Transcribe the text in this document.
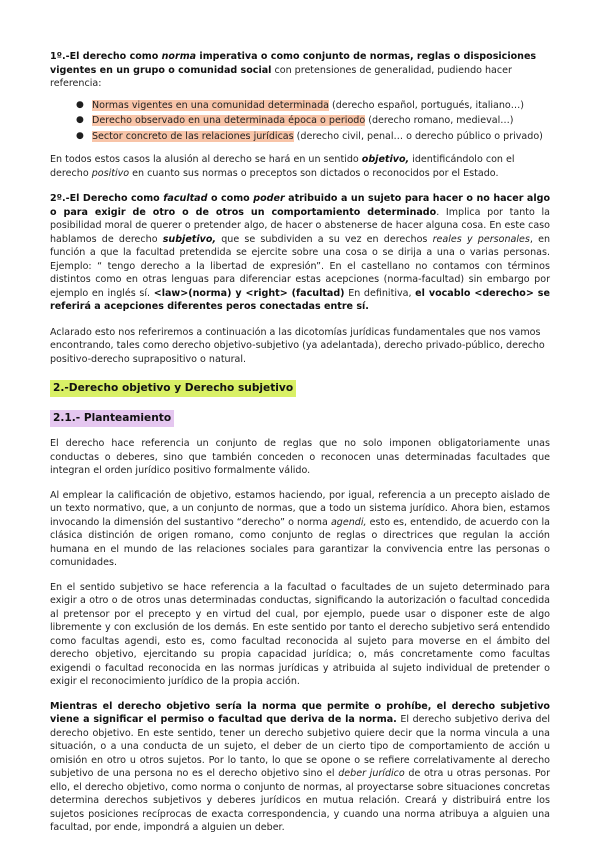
1º.-El derecho como norma imperativa o como conjunto de normas, reglas o disposiciones vigentes en un grupo o comunidad social con pretensiones de generalidad, pudiendo hacer referencia:

● Normas vigentes en una comunidad determinada (derecho español, portugués, italiano…)
● Derecho observado en una determinada época o periodo (derecho romano, medieval…)
● Sector concreto de las relaciones jurídicas (derecho civil, penal… o derecho público o privado)

En todos estos casos la alusión al derecho se hará en un sentido objetivo, identificándolo con el derecho positivo en cuanto sus normas o preceptos son dictados o reconocidos por el Estado.

2º.-El Derecho como facultad o como poder atribuido a un sujeto para hacer o no hacer algo o para exigir de otro o de otros un comportamiento determinado. Implica por tanto la posibilidad moral de querer o pretender algo, de hacer o abstenerse de hacer alguna cosa. En este caso hablamos de derecho subjetivo, que se subdividen a su vez en derechos reales y personales, en función a que la facultad pretendida se ejercite sobre una cosa o se dirija a una o varias personas. Ejemplo: “ tengo derecho a la libertad de expresión”. En el castellano no contamos con términos distintos como en otras lenguas para diferenciar estas acepciones (norma-facultad) sin embargo por ejemplo en inglés sí. <law>(norma) y <right> (facultad) En definitiva, el vocablo <derecho> se referirá a acepciones diferentes peros conectadas entre sí.

Aclarado esto nos referiremos a continuación a las dicotomías jurídicas fundamentales que nos vamos encontrando, tales como derecho objetivo-subjetivo (ya adelantada), derecho privado-público, derecho positivo-derecho suprapositivo o natural.

2.-Derecho objetivo y Derecho subjetivo
2.1.- Planteamiento

El derecho hace referencia un conjunto de reglas que no solo imponen obligatoriamente unas conductas o deberes, sino que también conceden o reconocen unas determinadas facultades que integran el orden jurídico positivo formalmente válido.

Al emplear la calificación de objetivo, estamos haciendo, por igual, referencia a un precepto aislado de un texto normativo, que, a un conjunto de normas, que a todo un sistema jurídico. Ahora bien, estamos invocando la dimensión del sustantivo “derecho” o norma agendi, esto es, entendido, de acuerdo con la clásica distinción de origen romano, como conjunto de reglas o directrices que regulan la acción humana en el mundo de las relaciones sociales para garantizar la convivencia entre las personas o comunidades.

En el sentido subjetivo se hace referencia a la facultad o facultades de un sujeto determinado para exigir a otro o de otros unas determinadas conductas, significando la autorización o facultad concedida al pretensor por el precepto y en virtud del cual, por ejemplo, puede usar o disponer este de algo libremente y con exclusión de los demás. En este sentido por tanto el derecho subjetivo será entendido como facultas agendi, esto es, como facultad reconocida al sujeto para moverse en el ámbito del derecho objetivo, ejercitando su propia capacidad jurídica; o, más concretamente como facultas exigendi o facultad reconocida en las normas jurídicas y atribuida al sujeto individual de pretender o exigir el reconocimiento jurídico de la propia acción.

Mientras el derecho objetivo sería la norma que permite o prohíbe, el derecho subjetivo viene a significar el permiso o facultad que deriva de la norma. El derecho subjetivo deriva del derecho objetivo. En este sentido, tener un derecho subjetivo quiere decir que la norma vincula a una situación, o a una conducta de un sujeto, el deber de un cierto tipo de comportamiento de acción u omisión en otro u otros sujetos. Por lo tanto, lo que se opone o se refiere correlativamente al derecho subjetivo de una persona no es el derecho objetivo sino el deber jurídico de otra u otras personas. Por ello, el derecho objetivo, como norma o conjunto de normas, al proyectarse sobre situaciones concretas determina derechos subjetivos y deberes jurídicos en mutua relación. Creará y distribuirá entre los sujetos posiciones recíprocas de exacta correspondencia, y cuando una norma atribuya a alguien una facultad, por ende, impondrá a alguien un deber.
